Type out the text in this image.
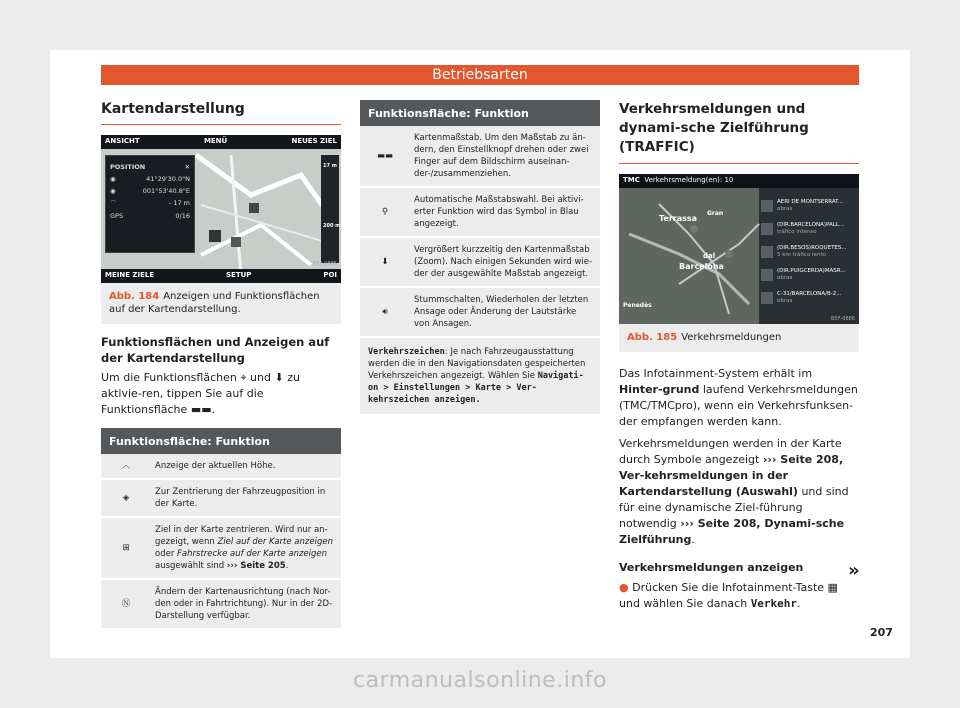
Betriebsarten
Kartendarstellung
ANSICHT	MENÜ	NEUES ZIEL
POSITION	✕
◉	41°29'30.0"N
◉	001°53'40.8"E
⌒	- 17 m
GPS	0/16
17 m
200 m
MEINE ZIELE	SETUP	POI
B5F-0885
Abb. 184 Anzeigen und Funktionsflächen auf der Kartendarstellung.

Funktionsflächen und Anzeigen auf der Kartendarstellung

Um die Funktionsflächen ⌖ und ⬇ zu aktivie-ren, tippen Sie auf die Funktionsfläche ▬▬.

Funktionsfläche: Funktion	
︿	Anzeige der aktuellen Höhe.
◈	Zur Zentrierung der Fahrzeugposition in der Karte.
⊞	Ziel in der Karte zentrieren. Wird nur an-gezeigt, wenn Ziel auf der Karte anzeigen oder Fahrstrecke auf der Karte anzeigen ausgewählt sind ››› Seite 205.
Ⓝ	Ändern der Kartenausrichtung (nach Nor-den oder in Fahrtrichtung). Nur in der 2D-Darstellung verfügbar.
Funktionsfläche: Funktion	
▬▬	Kartenmaßstab. Um den Maßstab zu än-dern, den Einstellknopf drehen oder zwei Finger auf dem Bildschirm auseinan-der-/zusammenziehen.
⚲	Automatische Maßstabswahl. Bei aktivi-erter Funktion wird das Symbol in Blau angezeigt.
⬇	Vergrößert kurzzeitig den Kartenmaßstab (Zoom). Nach einigen Sekunden wird wie-der der ausgewählte Maßstab angezeigt.
🔊︎	Stummschalten, Wiederholen der letzten Ansage oder Änderung der Lautstärke von Ansagen.
Verkehrszeichen: Je nach Fahrzeugausstattung werden die in den Navigationsdaten gespeicherten Verkehrszeichen angezeigt. Wählen Sie Navigati-on > Einstellungen > Karte > Ver-kehrszeichen anzeigen.	
Verkehrsmeldungen und dynami-sche Zielführung (TRAFFIC)
TMC Verkehrsmeldung(en): 10
Terrassa
Barcelona
Penedès
Gran
dal
AERI DE MONTSERRAT...
obras
(DIR.BARCELONA)PALL...
tráfico intenso
(DIR.BESOS)ROQUETES...
5 km tráfico lento
(DIR.PUIGCERDA)MASR...
obras
C-31/BARCELONA/B-2...
obras
B5F-0886
Abb. 185 Verkehrsmeldungen

Das Infotainment-System erhält im Hinter-grund laufend Verkehrsmeldungen (TMC/TMCpro), wenn ein Verkehrsfunksen-der empfangen werden kann.

Verkehrsmeldungen werden in der Karte durch Symbole angezeigt ››› Seite 208, Ver-kehrsmeldungen in der Kartendarstellung (Auswahl) und sind für eine dynamische Ziel-führung notwendig ››› Seite 208, Dynami-sche Zielführung.

Verkehrsmeldungen anzeigen

● Drücken Sie die Infotainment-Taste ▦ und wählen Sie danach Verkehr.

»
207
carmanualsonline.info
